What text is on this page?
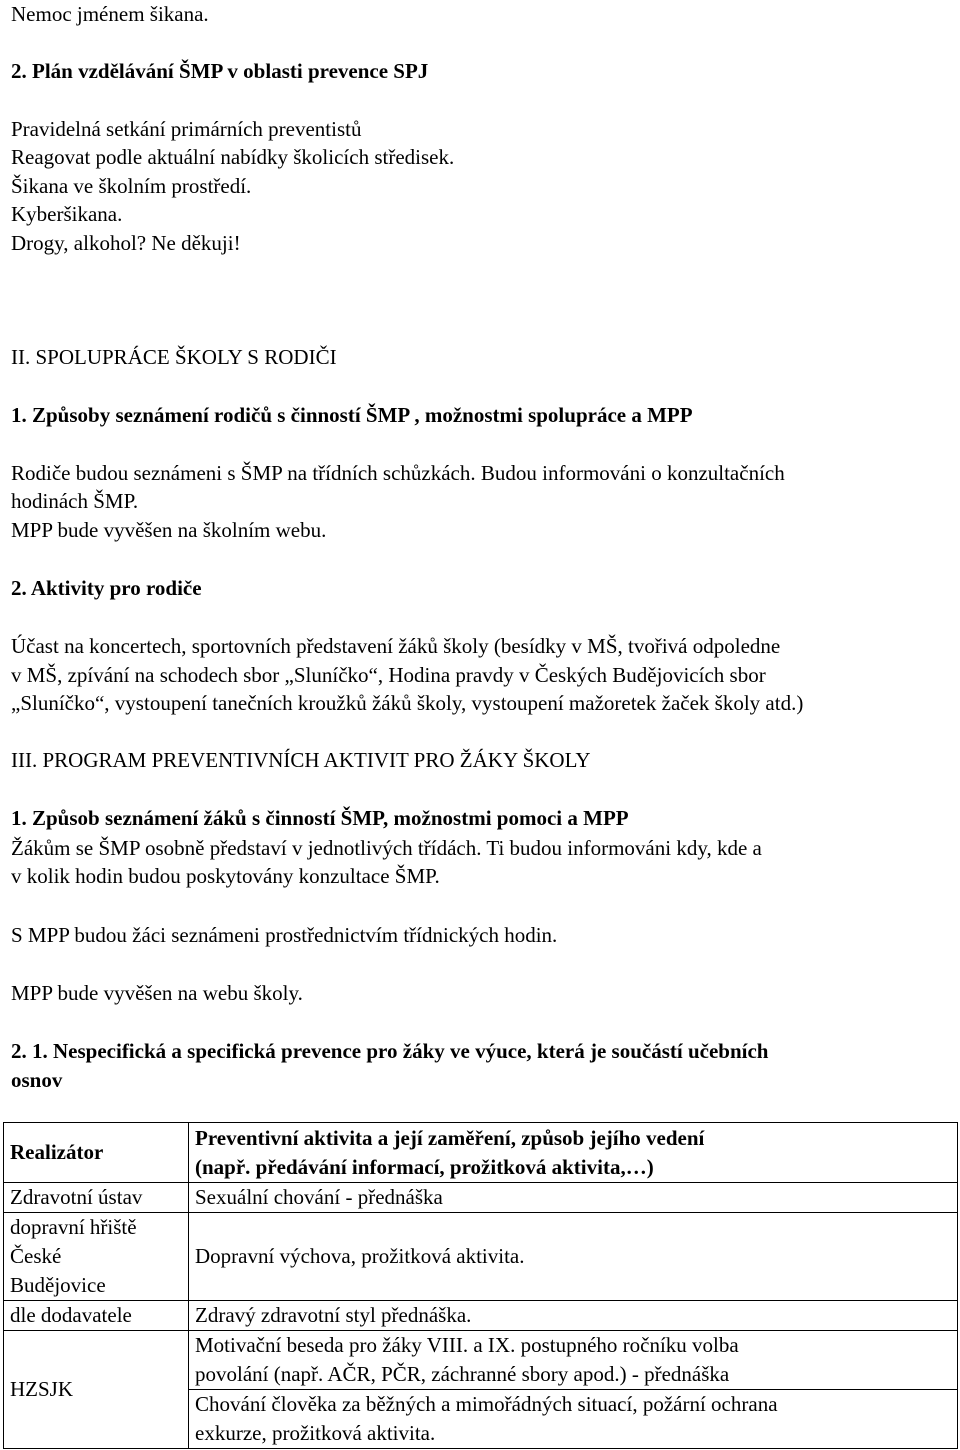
Nemoc jménem šikana.
2. Plán vzdělávání ŠMP v oblasti prevence SPJ
Pravidelná setkání primárních preventistů
Reagovat podle aktuální nabídky školicích středisek.
Šikana ve školním prostředí.
Kyberšikana.
Drogy, alkohol? Ne děkuji!
II. SPOLUPRÁCE ŠKOLY S RODIČI
1. Způsoby seznámení rodičů s činností ŠMP , možnostmi spolupráce a MPP
Rodiče budou seznámeni s ŠMP na třídních schůzkách. Budou informováni o konzultačních
hodinách ŠMP.
MPP bude vyvěšen na školním webu.
2. Aktivity pro rodiče
Účast na koncertech, sportovních představení žáků školy (besídky v MŠ, tvořivá odpoledne
v MŠ, zpívání na schodech sbor „Sluníčko“, Hodina pravdy v Českých Budějovicích sbor
„Sluníčko“, vystoupení tanečních kroužků žáků školy, vystoupení mažoretek žaček školy atd.)
III. PROGRAM PREVENTIVNÍCH AKTIVIT PRO ŽÁKY ŠKOLY
1. Způsob seznámení žáků s činností ŠMP, možnostmi pomoci a MPP
Žákům se ŠMP osobně představí v jednotlivých třídách. Ti budou informováni kdy, kde a
v kolik hodin budou poskytovány konzultace ŠMP.
S MPP budou žáci seznámeni prostřednictvím třídnických hodin.
MPP bude vyvěšen na webu školy.
2. 1. Nespecifická a specifická prevence pro žáky ve výuce, která je součástí učebních
osnov
Realizátor	Preventivní aktivita a její zaměření, způsob jejího vedení
(např. předávání informací, prožitková aktivita,…)

Zdravotní ústav	Sexuální chování - přednáška

dopravní hřiště
České
Budějovice	Dopravní výchova, prožitková aktivita.

dle dodavatele	Zdravý zdravotní styl přednáška.

HZSJK	Motivační beseda pro žáky VIII. a IX. postupného ročníku volba
povolání (např. AČR, PČR, záchranné sbory apod.) - přednáška

	Chování člověka za běžných a mimořádných situací, požární ochrana
exkurze, prožitková aktivita.
